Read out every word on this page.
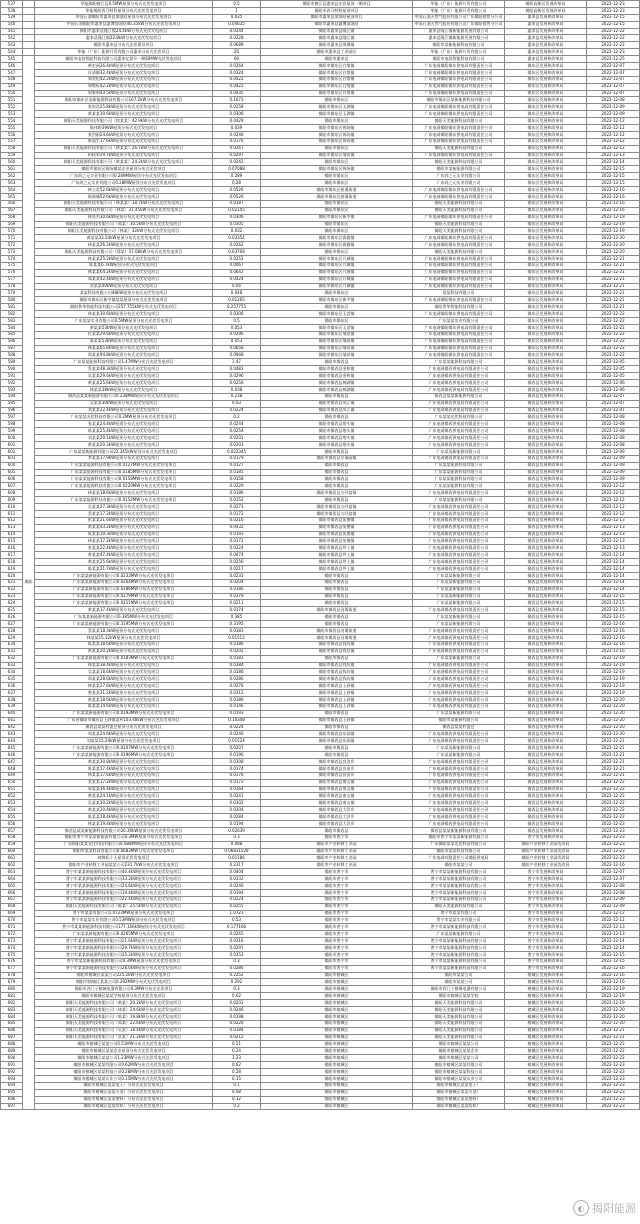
537		华能揭阳榕江县0.5MW屋顶分布式光伏发电项目	0.5	揭阳市榕江县惠来县光伏屋顶一期项目	华能（广东）能源开发有限公司	揭阳高新区发展改革局	2022-12-23
538		华能揭阳西马特科屋顶分布式光伏发电项目	1	揭阳市西马特科屋顶项目	华能（广东）能源开发有限公司	揭阳高新区发展改革局	2022-12-23
539		中国石油揭阳市惠来县加油站屋顶分布式光伏发电项目	0.035	揭阳市惠来县加油站屋顶项目	中国石油天然气股份有限公司广东揭阳销售分公司	惠来县发展和改革局	2022-12-15
540		中国石油揭阳市惠来县惠博加油站46.35kW分布式光伏发电项目	0.04635	揭阳市惠来县惠博加油站	中国石油天然气股份有限公司广东揭阳销售分公司	惠来县发展和改革局	2022-12-15
541		揭阳市惠来县隆江镇24.4kW分布式光伏发电项目	0.0244	揭阳市惠来县隆江镇	惠来县隆江镇新能源发展有限公司	惠来县发展和改革局	2022-12-22
542		惠来县隆江镇22.8kW分布式光伏发电项目	0.0228	揭阳市惠来县隆江镇	惠来县隆江镇新能源发展有限公司	惠来县发展和改革局	2022-12-22
543		揭阳市惠来县分布式光伏建设项目	0.0689	揭阳市惠来县葵潭镇	揭阳市某新能源科技有限公司	惠来县发展和改革局	2022-12-22
544		华能（广东）能源开发有限公司惠来分布式光伏项目	20	揭阳市惠来县工业园区	华能（广东）能源开发有限公司	惠来县发展和改革局	2022-12-23
545	揭阳	揭阳市电投智能科技有限公司惠来亿晟升一期60MW光伏发电项目	60	揭阳市惠来县	揭阳市电投智能科技有限公司	惠来县发展和改革局	2022-12-25
546		黄宏丽26.4kW屋顶分布式光伏发电项目	0.0264	揭阳市揭东区白塔镇	广东电网揭阳揭东供电局有限责任公司	揭东区发展和改革局	2022-12-07
547		许清顺32.4kW屋顶分布式光伏发电项目	0.0324	揭阳市揭东区白塔镇	广东电网揭阳揭东供电局有限责任公司	揭东区发展和改革局	2022-12-07
548		郑奕松42.2kW屋顶分布式光伏发电项目	0.0422	揭阳市揭东区白塔镇	广东电网揭阳揭东供电局有限责任公司	揭东区发展和改革局	2022-12-07
549		郑焕标42.2kW屋顶分布式光伏发电项目	0.0422	揭阳市揭东区白塔镇	广东电网揭阳揭东供电局有限责任公司	揭东区发展和改革局	2022-12-07
550		周家明43.5kW屋顶分布式光伏发电项目	0.0435	揭阳市揭东区白塔镇	广东电网揭阳揭东供电局有限责任公司	揭东区发展和改革局	2022-12-07
551		揭阳市揭东区某新能源科技有限公司167.2kW分布式光伏发电项目	0.1672	揭阳市揭东区	揭阳市揭东区某新能源科技有限公司	揭东区发展和改革局	2022-12-08
552		张培浩25.8kW屋顶分布式光伏发电项目	0.0258	揭阳市揭东区玉湖镇	广东电网揭阳揭东供电局有限责任公司	揭东区发展和改革局	2022-12-09
553		黄某某30.6kW屋顶分布式光伏发电项目	0.0306	揭阳市揭东区玉湖镇	广东电网揭阳揭东供电局有限责任公司	揭东区发展和改革局	2022-12-09
554		揭阳天美能源科技有限公司（徐某某）42.9kW分布式光伏发电项目	0.0429	揭阳市揭东区	揭阳天美能源科技有限公司	揭东区发展和改革局	2022-12-12
555		陈伟婷39kW屋顶分布式光伏发电项目	0.039	揭阳市揭东区锡场镇	广东电网揭阳揭东供电局有限责任公司	揭东区发展和改革局	2022-12-12
556		张烈娟24.6kW屋顶分布式光伏发电项目	0.0246	揭阳市揭东区锡场镇	广东电网揭阳揭东供电局有限责任公司	揭东区发展和改革局	2022-12-12
557		陈旭生17.6kW屋顶分布式光伏发电项目	0.0176	揭阳市揭东区锡场镇	广东电网揭阳揭东供电局有限责任公司	揭东区发展和改革局	2022-12-12
558		揭阳天美能源科技有限公司（林某某）26.7kW分布式光伏发电项目	0.0267	揭阳市揭东区	揭阳天美能源科技有限公司	揭东区发展和改革局	2022-12-12
559		柯桂荣29.7kW屋顶分布式光伏发电项目	0.0297	揭阳市揭东区埔田镇	广东电网揭阳揭东供电局有限责任公司	揭东区发展和改革局	2022-12-13
560		揭阳天美能源科技有限公司（黄某某）24.2kW分布式光伏发电项目	0.0242	揭阳市揭东区	揭阳天美能源科技有限公司	揭东区发展和改革局	2022-12-14
561		揭阳市揭东区锡场镇某企业屋顶分布式光伏项目	0.07088	揭阳市揭东区锡场镇	揭阳市某新能源有限公司	揭东区发展和改革局	2022-12-15
562		广东尚之元实业有限公司0.289MW屋顶分布式光伏发电项目	0.289	揭阳市揭东区	广东尚之元实业有限公司	揭东区发展和改革局	2022-12-15
563		广东尚之元实业有限公司0.28MW屋顶分布式光伏发电项目	0.28	揭阳市揭东区	广东尚之元实业有限公司	揭东区发展和改革局	2022-12-15
564		林立雷52.6kW屋顶分布式光伏发电项目	0.0526	揭阳市揭东区曲溪街道	广东电网揭阳揭东供电局有限责任公司	揭东区发展和改革局	2022-12-16
565		陈新城52.6kW屋顶分布式光伏发电项目	0.0526	揭阳市揭东区曲溪街道	广东电网揭阳揭东供电局有限责任公司	揭东区发展和改革局	2022-12-16
566		揭阳天美能源科技有限公司（林某某）18.7kW分布式光伏发电项目	0.0187	揭阳市揭东区	揭阳天美能源科技有限公司	揭东区发展和改革局	2022-12-16
567		揭阳天美能源科技有限公司（林某）21.45kW分布式光伏发电项目	0.02145	揭阳市揭东区	揭阳天美能源科技有限公司	揭东区发展和改革局	2022-12-16
568		林炎杰30.6kW屋顶分布式光伏发电项目	0.0306	揭阳市揭东区新亨镇	广东电网揭阳揭东供电局有限责任公司	揭东区发展和改革局	2022-12-19
569		揭阳天美能源科技有限公司（郑某）30.5kW分布式光伏发电项目	0.0305	揭阳市揭东区	揭阳天美能源科技有限公司	揭东区发展和改革局	2022-12-19
570		揭阳天美能源科技有限公司（林某）32kW分布式光伏发电项目	0.032	揭阳市揭东区	揭阳天美能源科技有限公司	揭东区发展和改革局	2022-12-19
571		黄某某33.54kW屋顶分布式光伏发电项目	0.03354	揭阳市揭东区霖磐镇	广东电网揭阳揭东供电局有限责任公司	揭东区发展和改革局	2022-12-20
572		林某某26.2kW屋顶分布式光伏发电项目	0.0262	揭阳市揭东区霖磐镇	广东电网揭阳揭东供电局有限责任公司	揭东区发展和改革局	2022-12-20
573		揭阳天美能源科技有限公司（郑某）37.08kW分布式光伏发电项目	0.03708	揭阳市揭东区	揭阳天美能源科技有限公司	揭东区发展和改革局	2022-12-20
574		林某某25.2kW屋顶分布式光伏发电项目	0.0252	揭阳市揭东区月城镇	广东电网揭阳揭东供电局有限责任公司	揭东区发展和改革局	2022-12-21
575		陈某某6.7kW屋顶分布式光伏发电项目	0.0067	揭阳市揭东区月城镇	广东电网揭阳揭东供电局有限责任公司	揭东区发展和改革局	2022-12-21
576		林某某64.2kW屋顶分布式光伏发电项目	0.0642	揭阳市揭东区月城镇	广东电网揭阳揭东供电局有限责任公司	揭东区发展和改革局	2022-12-21
577		郑某某42.4kW屋顶分布式光伏发电项目	0.0424	揭阳市揭东区月城镇	广东电网揭阳揭东供电局有限责任公司	揭东区发展和改革局	2022-12-21
578		蔡某某40kW屋顶分布式光伏发电项目	0.04	揭阳市揭东区月城镇	广东电网揭阳揭东供电局有限责任公司	揭东区发展和改革局	2022-12-21
579		某某科技有限公司48kW屋顶分布式光伏发电项目	0.048	揭阳市揭东区	某某科技有限公司	揭东区发展和改革局	2022-12-21
580		揭阳市揭东区新亨镇某某屋顶分布式光伏发电项目	0.01265	揭阳市揭东区新亨镇	广东电网揭阳揭东供电局有限责任公司	揭东区发展和改革局	2022-12-21
581		揭阳普华智能科技有限公司257.755kW分布式光伏发电项目	0.257755	揭阳市揭东区	揭阳普华智能科技有限公司	揭东区发展和改革局	2022-12-21
582		林某某30.6kW屋顶分布式光伏发电项目	0.0306	揭阳市揭东区玉滘镇	广东电网揭阳揭东供电局有限责任公司	揭东区发展和改革局	2022-12-22
583		广东某某实业有限公司0.5MW屋顶分布式光伏发电项目	0.5	揭阳市揭东区	广东某某实业有限公司	揭东区发展和改革局	2022-12-22
584		黄某某53kW屋顶分布式光伏发电项目	0.053	揭阳市揭东区玉滘镇	广东电网揭阳揭东供电局有限责任公司	揭东区发展和改革局	2022-12-22
585		杜某某29.6kW屋顶分布式光伏发电项目	0.0296	揭阳市揭东区埔田镇	广东电网揭阳揭东供电局有限责任公司	揭东区发展和改革局	2022-12-22
586		陈某某53kW屋顶分布式光伏发电项目	0.053	揭阳市揭东区埔田镇	广东电网揭阳揭东供电局有限责任公司	揭东区发展和改革局	2022-12-22
587		林某某65.8kW屋顶分布式光伏发电项目	0.0658	揭阳市揭东区埔田镇	广东电网揭阳揭东供电局有限责任公司	揭东区发展和改革局	2022-12-22
588		郑某某94.8kW屋顶分布式光伏发电项目	0.0948	揭阳市揭东区埔田镇	广东电网揭阳揭东供电局有限责任公司	揭东区发展和改革局	2022-12-22
589		广东某某能源科技有限公司1.47MW分布式光伏发电项目	1.47	揭阳市揭西县	广东某某能源科技有限公司	揭西县发展和改革局	2022-12-05
590		蔡某某48.3kW屋顶分布式光伏发电项目	0.0483	揭阳市揭西县金和镇	广东电网揭西供电局有限责任公司	揭西县发展和改革局	2022-12-05
591		吴某某29.6kW屋顶分布式光伏发电项目	0.0296	揭阳市揭西县金和镇	广东电网揭西供电局有限责任公司	揭西县发展和改革局	2022-12-05
592		黄某某25.6kW屋顶分布式光伏发电项目	0.0256	揭阳市揭西县棉湖镇	广东电网揭西供电局有限责任公司	揭西县发展和改革局	2022-12-06
593		林某某38kW屋顶分布式光伏发电项目	0.038	揭阳市揭西县棉湖镇	广东电网揭西供电局有限责任公司	揭西县发展和改革局	2022-12-06
594		揭西县某某新能源有限公司0.238MW屋顶分布式光伏发电项目	0.238	揭阳市揭西县	揭西县某某新能源有限公司	揭西县发展和改革局	2022-12-07
595		吴某某30kW屋顶分布式光伏发电项目	0.03	揭阳市揭西县凤江镇	广东电网揭西供电局有限责任公司	揭西县发展和改革局	2022-12-07
596		刘某某22.4kW屋顶分布式光伏发电项目	0.0224	揭阳市揭西县凤江镇	广东电网揭西供电局有限责任公司	揭西县发展和改革局	2022-12-07
597		广东某某光伏科技有限公司0.2MW屋顶分布式光伏发电项目	0.2	揭阳市揭西县	广东某某光伏科技有限公司	揭西县发展和改革局	2022-12-08
598		张某某24.4kW屋顶分布式光伏发电项目	0.0244	揭阳市揭西县塔头镇	广东电网揭西供电局有限责任公司	揭西县发展和改革局	2022-12-08
599		陈某某25.4kW屋顶分布式光伏发电项目	0.0254	揭阳市揭西县塔头镇	广东电网揭西供电局有限责任公司	揭西县发展和改革局	2022-12-08
600		刘某某20.1kW屋顶分布式光伏发电项目	0.0201	揭阳市揭西县塔头镇	广东电网揭西供电局有限责任公司	揭西县发展和改革局	2022-12-08
601		黄某某20.3kW屋顶分布式光伏发电项目	0.0203	揭阳市揭西县塔头镇	广东电网揭西供电局有限责任公司	揭西县发展和改革局	2022-12-08
602		广东某某新能源有限公司22.345kW屋顶分布式光伏发电项目	0.022345	揭阳市揭西县	广东某某新能源有限公司	揭西县发展和改革局	2022-12-09
603		李某某17.9kW屋顶分布式光伏发电项目	0.0179	揭阳市揭西县京溪园镇	广东电网揭西供电局有限责任公司	揭西县发展和改革局	2022-12-09
604		广东某某能源科技有限公司0.0127MW分布式光伏发电项目	0.0127	揭阳市揭西县	广东某某能源科技有限公司	揭西县发展和改革局	2022-12-09
605		广东某某能源科技有限公司0.0185MW分布式光伏发电项目	0.0185	揭阳市揭西县	广东某某能源科技有限公司	揭西县发展和改革局	2022-12-09
606		广东某某能源科技有限公司0.0158MW分布式光伏发电项目	0.0158	揭阳市揭西县	广东某某能源科技有限公司	揭西县发展和改革局	2022-12-09
607		广东某某能源科技有限公司0.0229MW分布式光伏发电项目	0.0229	揭阳市揭西县	广东某某能源科技有限公司	揭西县发展和改革局	2022-12-12
608		林某某18.6kW屋顶分布式光伏发电项目	0.0186	揭阳市揭西县五经富镇	广东电网揭西供电局有限责任公司	揭西县发展和改革局	2022-12-12
609		广东某某能源科技有限公司0.0152MW分布式光伏发电项目	0.0152	揭阳市揭西县	广东某某能源科技有限公司	揭西县发展和改革局	2022-12-12
610		吴某某27.3kW屋顶分布式光伏发电项目	0.0273	揭阳市揭西县五经富镇	广东电网揭西供电局有限责任公司	揭西县发展和改革局	2022-12-12
611		蔡某某17.2kW屋顶分布式光伏发电项目	0.0172	揭阳市揭西县五经富镇	广东电网揭西供电局有限责任公司	揭西县发展和改革局	2022-12-12
612		彭某某21.6kW屋顶分布式光伏发电项目	0.0216	揭阳市揭西县灰寨镇	广东电网揭西供电局有限责任公司	揭西县发展和改革局	2022-12-13
613		黄某某43.2kW屋顶分布式光伏发电项目	0.0432	揭阳市揭西县灰寨镇	广东电网揭西供电局有限责任公司	揭西县发展和改革局	2022-12-13
614		陈某某19.3kW屋顶分布式光伏发电项目	0.0193	揭阳市揭西县灰寨镇	广东电网揭西供电局有限责任公司	揭西县发展和改革局	2022-12-13
615		林某某17.2kW屋顶分布式光伏发电项目	0.0172	揭阳市揭西县灰寨镇	广东电网揭西供电局有限责任公司	揭西县发展和改革局	2022-12-13
616		张某某22.4kW屋顶分布式光伏发电项目	0.0224	揭阳市揭西县坪上镇	广东电网揭西供电局有限责任公司	揭西县发展和改革局	2022-12-13
617		曾某某47.4kW屋顶分布式光伏发电项目	0.0474	揭阳市揭西县坪上镇	广东电网揭西供电局有限责任公司	揭西县发展和改革局	2022-12-14
618		黄某某25.6kW屋顶分布式光伏发电项目	0.0256	揭阳市揭西县坪上镇	广东电网揭西供电局有限责任公司	揭西县发展和改革局	2022-12-14
619		陈某某21.7kW屋顶分布式光伏发电项目	0.0217	揭阳市揭西县坪上镇	广东电网揭西供电局有限责任公司	揭西县发展和改革局	2022-12-14
620		广东某某新能源有限公司0.0233MW分布式光伏发电项目	0.0233	揭阳市揭西县	广东某某新能源有限公司	揭西县发展和改革局	2022-12-14
621		广东某某新能源有限公司0.0204MW分布式光伏发电项目	0.0204	揭阳市揭西县	广东某某新能源有限公司	揭西县发展和改革局	2022-12-14
622		广东某某新能源有限公司0.0186MW分布式光伏发电项目	0.0186	揭阳市揭西县	广东某某新能源有限公司	揭西县发展和改革局	2022-12-14
623		广东某某新能源有限公司0.0279MW分布式光伏发电项目	0.0279	揭阳市揭西县	广东某某新能源有限公司	揭西县发展和改革局	2022-12-15
624		广东某某新能源有限公司0.0211MW分布式光伏发电项目	0.0211	揭阳市揭西县	广东某某新能源有限公司	揭西县发展和改革局	2022-12-15
625		黄某某17.4kW屋顶分布式光伏发电项目	0.0174	揭阳市揭西县河婆街道	广东电网揭西供电局有限责任公司	揭西县发展和改革局	2022-12-15
626		广东某某新能源有限公司0.385MW分布式光伏发电项目	0.385	揭阳市揭西县	广东某某新能源有限公司	揭西县发展和改革局	2022-12-15
627		广东某某新能源有限公司0.3195MW分布式光伏发电项目	0.3195	揭阳市揭西县	广东某某新能源有限公司	揭西县发展和改革局	2022-12-16
628		蔡某某18.3kW屋顶分布式光伏发电项目	0.0183	揭阳市揭西县河婆街道	广东电网揭西供电局有限责任公司	揭西县发展和改革局	2022-12-16
629		林某某15.12kW屋顶分布式光伏发电项目	0.01512	揭阳市揭西县河婆街道	广东电网揭西供电局有限责任公司	揭西县发展和改革局	2022-12-16
630		陈某某18.6kW屋顶分布式光伏发电项目	0.0186	揭阳市揭西县钱坑镇	广东电网揭西供电局有限责任公司	揭西县发展和改革局	2022-12-16
631		黄某某20.2kW屋顶分布式光伏发电项目	0.0202	揭阳市揭西县钱坑镇	广东电网揭西供电局有限责任公司	揭西县发展和改革局	2022-12-16
632		广东某某新能源有限公司0.0183MW分布式光伏发电项目	0.0183	揭阳市揭西县	广东某某新能源有限公司	揭西县发展和改革局	2022-12-19
633		林某某38.4kW屋顶分布式光伏发电项目	0.0384	揭阳市揭西县钱坑镇	广东电网揭西供电局有限责任公司	揭西县发展和改革局	2022-12-19
634		吴某某18.6kW屋顶分布式光伏发电项目	0.0186	揭阳市揭西县钱坑镇	广东电网揭西供电局有限责任公司	揭西县发展和改革局	2022-12-19
635		郑某某28.6kW屋顶分布式光伏发电项目	0.0286	揭阳市揭西县钱坑镇	广东电网揭西供电局有限责任公司	揭西县发展和改革局	2022-12-19
636		林某某27.6kW屋顶分布式光伏发电项目	0.0276	揭阳市揭西县上砂镇	广东电网揭西供电局有限责任公司	揭西县发展和改革局	2022-12-19
637		曾某某31.2kW屋顶分布式光伏发电项目	0.0312	揭阳市揭西县上砂镇	广东电网揭西供电局有限责任公司	揭西县发展和改革局	2022-12-19
638		黄某某18.6kW屋顶分布式光伏发电项目	0.0186	揭阳市揭西县上砂镇	广东电网揭西供电局有限责任公司	揭西县发展和改革局	2022-12-20
639		陈某某14.6kW屋顶分布式光伏发电项目	0.0146	揭阳市揭西县上砂镇	广东电网揭西供电局有限责任公司	揭西县发展和改革局	2022-12-20
640		广东某某新能源有限公司0.0193MW分布式光伏发电项目	0.0193	揭阳市揭西县	广东某某新能源有限公司	揭西县发展和改革局	2022-12-20
641		广东省揭阳市揭西县上砂镇某村103.48kW分布式光伏发电项目	0.10348	揭阳市揭西县上砂镇	揭阳市某能源有限公司	揭西县发展和改革局	2022-12-20
642		揭西县某某村委会屋顶分布式光伏发电项目	0.0224	揭阳市揭西县	揭西县某某村委会	揭西县发展和改革局	2022-12-20
643		周某某24.6kW屋顶分布式光伏发电项目	0.0246	揭阳市揭西县东园镇	广东电网揭西供电局有限责任公司	揭西县发展和改革局	2022-12-20
644		刘某某15.24kW屋顶分布式光伏发电项目	0.01524	揭阳市揭西县东园镇	广东电网揭西供电局有限责任公司	揭西县发展和改革局	2022-12-21
645		广东某某新能源有限公司0.0207MW分布式光伏发电项目	0.0207	揭阳市揭西县	广东某某新能源有限公司	揭西县发展和改革局	2022-12-21
646		广东某某新能源有限公司0.0196MW分布式光伏发电项目	0.0196	揭阳市揭西县	广东某某新能源有限公司	揭西县发展和改革局	2022-12-21
647		黄某某30.8kW屋顶分布式光伏发电项目	0.0308	揭阳市揭西县良田乡	广东电网揭西供电局有限责任公司	揭西县发展和改革局	2022-12-21
648		陈某某17.4kW屋顶分布式光伏发电项目	0.0174	揭阳市揭西县良田乡	广东电网揭西供电局有限责任公司	揭西县发展和改革局	2022-12-21
649		林某某17.6kW屋顶分布式光伏发电项目	0.0176	揭阳市揭西县良田乡	广东电网揭西供电局有限责任公司	揭西县发展和改革局	2022-12-21
650		张某某17.2kW屋顶分布式光伏发电项目	0.0172	揭阳市揭西县南山镇	广东电网揭西供电局有限责任公司	揭西县发展和改革局	2022-12-22
651		郑某某16.4kW屋顶分布式光伏发电项目	0.0164	揭阳市揭西县南山镇	广东电网揭西供电局有限责任公司	揭西县发展和改革局	2022-12-22
652		曾某某24.1kW屋顶分布式光伏发电项目	0.0241	揭阳市揭西县南山镇	广东电网揭西供电局有限责任公司	揭西县发展和改革局	2022-12-22
653		吴某某30.2kW屋顶分布式光伏发电项目	0.0302	揭阳市揭西县南山镇	广东电网揭西供电局有限责任公司	揭西县发展和改革局	2022-12-22
654		黄某某20.4kW屋顶分布式光伏发电项目	0.0204	揭阳市揭西县大洋乡	广东电网揭西供电局有限责任公司	揭西县发展和改革局	2022-12-22
655		陈某某28.4kW屋顶分布式光伏发电项目	0.0284	揭阳市揭西县大洋乡	广东电网揭西供电局有限责任公司	揭西县发展和改革局	2022-12-22
656		林某某19.4kW屋顶分布式光伏发电项目	0.0194	揭阳市揭西县大洋乡	广东电网揭西供电局有限责任公司	揭西县发展和改革局	2022-12-23
657		揭西县某某新能源科技有限公司26.39kW屋顶分布式光伏发电项目	0.02639	揭阳市揭西县	揭西县某某新能源科技有限公司	揭西县发展和改革局	2022-12-23
658		揭阳市普宁市某某新能源有限公司0.3MW屋顶分布式光伏发电项目	0.3	揭阳市普宁市	揭阳市普宁市某某新能源有限公司	普宁市发展和改革局	2022-12-23
659		广东揭阳某某光伏科技有限公司0.088MW屋顶分布式光伏发电项目	0.088	揭阳市产业转移工业园	广东揭阳某某光伏科技有限公司	揭阳产业转移工业园发改局	2022-12-23
660		揭阳市某某科技有限公司0.0683MW分布式光伏发电项目	0.06831529	揭阳市产业转移工业园	揭阳市某某科技有限公司	揭阳产业转移工业园发改局	2022-12-23
661		林锦标个人屋顶光伏发电项目	0.01186	揭阳市产业转移工业园	广东电网有限责任公司揭阳供电局	揭阳产业转移工业园发改局	2022-12-23
662		揭阳市产业转移工业园某某公司231.7kW分布式光伏发电项目	0.2317	揭阳市产业转移工业园	揭阳市某某公司	揭阳产业转移工业园发改局	2022-12-16
663		普宁市某某新能源科技有限公司40.4kW屋顶分布式光伏发电项目	0.0404	揭阳市普宁市	普宁市某某新能源科技有限公司	普宁市发展和改革局	2022-12-07
664		普宁市某某新能源科技有限公司33.2kW屋顶分布式光伏发电项目	0.0332	揭阳市普宁市	普宁市某某新能源科技有限公司	普宁市发展和改革局	2022-12-07
665		普宁市某某新能源科技有限公司24.6kW屋顶分布式光伏发电项目	0.0246	揭阳市普宁市	普宁市某某新能源科技有限公司	普宁市发展和改革局	2022-12-08
666		普宁市某某新能源科技有限公司19.4kW屋顶分布式光伏发电项目	0.0194	揭阳市普宁市	普宁市某某新能源科技有限公司	普宁市发展和改革局	2022-12-08
667		普宁市某某新能源科技有限公司22.4kW屋顶分布式光伏发电项目	0.0224	揭阳市普宁市	普宁市某某新能源科技有限公司	普宁市发展和改革局	2022-12-09
668		揭阳天美能源科技有限公司（陈某）25.5kW分布式光伏发电项目	0.0255	揭阳市普宁市	揭阳天美能源科技有限公司	普宁市发展和改革局	2022-12-09
669		普宁市某某有限公司1.0723MW屋顶分布式光伏发电项目	1.0723	揭阳市普宁市	普宁市某某有限公司	普宁市发展和改革局	2022-12-12
670		普宁市某某实业有限公司0.53MW屋顶分布式光伏发电项目	0.53	揭阳市普宁市	普宁市某某实业有限公司	普宁市发展和改革局	2022-12-12
671		普宁市某某新能源科技有限公司177.166kW屋顶分布式光伏发电项目	0.177166	揭阳市普宁市	普宁市某某新能源科技有限公司	普宁市发展和改革局	2022-12-13
672		广东某某新能源有限公司0.0265MW分布式光伏发电项目	0.0265	揭阳市普宁市	广东某某新能源有限公司	普宁市发展和改革局	2022-12-13
673		普宁市某某新能源科技有限公司21.6kW屋顶分布式光伏发电项目	0.0216	揭阳市普宁市	普宁市某某新能源科技有限公司	普宁市发展和改革局	2022-12-14
674		普宁市某某新能源科技有限公司29.7kW屋顶分布式光伏发电项目	0.0297	揭阳市普宁市	普宁市某某新能源科技有限公司	普宁市发展和改革局	2022-12-14
675		普宁市某某新能源科技有限公司35.2kW屋顶分布式光伏发电项目	0.0352	揭阳市普宁市	普宁市某某新能源科技有限公司	普宁市发展和改革局	2022-12-15
676		普宁市某某新能源科技有限公司0.3MW屋顶分布式光伏发电项目	0.3	揭阳市普宁市	普宁市某某新能源科技有限公司	普宁市发展和改革局	2022-12-15
677		普宁市某某新能源科技有限公司28.6kW屋顶分布式光伏发电项目	0.0286	揭阳市普宁市	普宁市某某新能源科技有限公司	普宁市发展和改革局	2022-12-16
678		揭阳市榕城区某某公司225.2kW分布式光伏发电项目	0.2252	揭阳市榕城区	揭阳市某某公司	榕城区发展和改革局	2022-12-16
679		揭阳市榕城区某某公司0.292MW分布式光伏发电项目	0.292	揭阳市榕城区	揭阳市某某公司	榕城区发展和改革局	2022-12-16
680		揭阳市西门子榕城电器有限公司0.3MW分布式光伏项目	0.3	揭阳市榕城区	揭阳市西门子榕城电器有限公司	榕城区发展和改革局	2022-12-19
681		揭阳市榕城区某某学校屋顶分布式光伏发电项目	0.02	揭阳市榕城区	揭阳市榕城区某某学校	榕城区发展和改革局	2022-12-19
682		揭阳天美能源科技有限公司（黄某）20.2kW分布式光伏发电项目	0.0202	揭阳市榕城区	揭阳天美能源科技有限公司	榕城区发展和改革局	2022-12-19
683		揭阳天美能源科技有限公司（林某）24.6kW分布式光伏发电项目	0.0246	揭阳市榕城区	揭阳天美能源科技有限公司	榕城区发展和改革局	2022-12-20
684		揭阳天美能源科技有限公司（陈某）19.8kW分布式光伏发电项目	0.0198	揭阳市榕城区	揭阳天美能源科技有限公司	榕城区发展和改革局	2022-12-20
685		揭阳天美能源科技有限公司（郑某）22.6kW分布式光伏发电项目	0.0226	揭阳市榕城区	揭阳天美能源科技有限公司	榕城区发展和改革局	2022-12-20
686		揭阳天美能源科技有限公司（吴某）18.4kW分布式光伏发电项目	0.0184	揭阳市榕城区	揭阳天美能源科技有限公司	榕城区发展和改革局	2022-12-21
687		揭阳天美能源科技有限公司（蔡某）21.2kW分布式光伏发电项目	0.0212	揭阳市榕城区	揭阳天美能源科技有限公司	榕城区发展和改革局	2022-12-21
688		揭阳市榕城区某某公司0.51MW分布式光伏发电项目	0.51	揭阳市榕城区	揭阳市榕城区某某公司	榕城区发展和改革局	2022-12-22
689		揭阳市榕城区某某企业屋顶分布式光伏发电项目	0.24	揭阳市榕城区	揭阳市榕城区某某企业	榕城区发展和改革局	2022-12-22
690		揭阳市榕城区某某公司1.23MW分布式光伏发电项目	1.23	揭阳市榕城区	揭阳市榕城区某某公司	榕城区发展和改革局	2022-12-22
691		揭阳市榕城区某某有限公司0.62MW分布式光伏发电项目	0.62	揭阳市榕城区	揭阳市榕城区某某有限公司	榕城区发展和改革局	2022-12-23
692		揭阳市榕城区某某科技公司0.28MW分布式光伏发电项目	0.28	揭阳市榕城区	揭阳市榕城区某某科技公司	榕城区发展和改革局	2022-12-23
693		揭阳市榕城区某某实业公司0.15MW分布式光伏发电项目	0.15	揭阳市榕城区	揭阳市榕城区某某实业公司	榕城区发展和改革局	2022-12-23
694		揭阳市榕城区某某电子厂分布式光伏发电项目	0.1	揭阳市榕城区	揭阳市榕城区某某电子厂	榕城区发展和改革局	2022-12-23
695		揭阳市榕城区某某五金厂分布式光伏发电项目	0.08	揭阳市榕城区	揭阳市榕城区某某五金厂	榕城区发展和改革局	2022-12-23
696		揭阳市榕城区某某塑料厂分布式光伏发电项目	0.12	揭阳市榕城区	揭阳市榕城区某某塑料厂	榕城区发展和改革局	2022-12-23
697		揭阳市榕城区某某纺织厂分布式光伏发电项目	0.2	揭阳市榕城区	揭阳市榕城区某某纺织厂	榕城区发展和改革局	2022-12-23
◐ 揭阳能源
